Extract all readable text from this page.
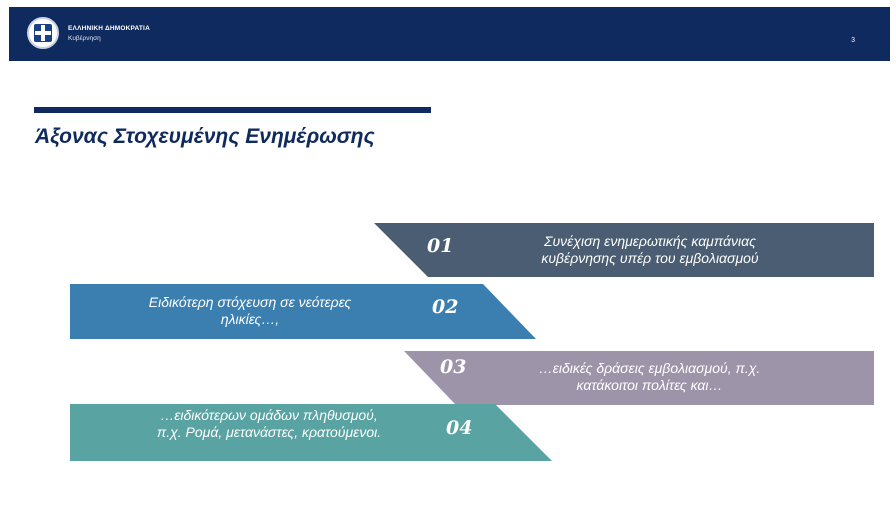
ΕΛΛΗΝΙΚΗ ΔΗΜΟΚΡΑΤΙΑ
Κυβέρνηση	3
Άξονας Στοχευμένης Ενημέρωσης
01	Συνέχιση ενημερωτικής καμπάνιας
κυβέρνησης υπέρ του εμβολιασμού
Ειδικότερη στόχευση σε νεότερες
ηλικίες…,
02
03	…ειδικές δράσεις εμβολιασμού, π.χ.
κατάκοιτοι πολίτες και…
…ειδικότερων ομάδων πληθυσμού,
π.χ. Ρομά, μετανάστες, κρατούμενοι.	04
